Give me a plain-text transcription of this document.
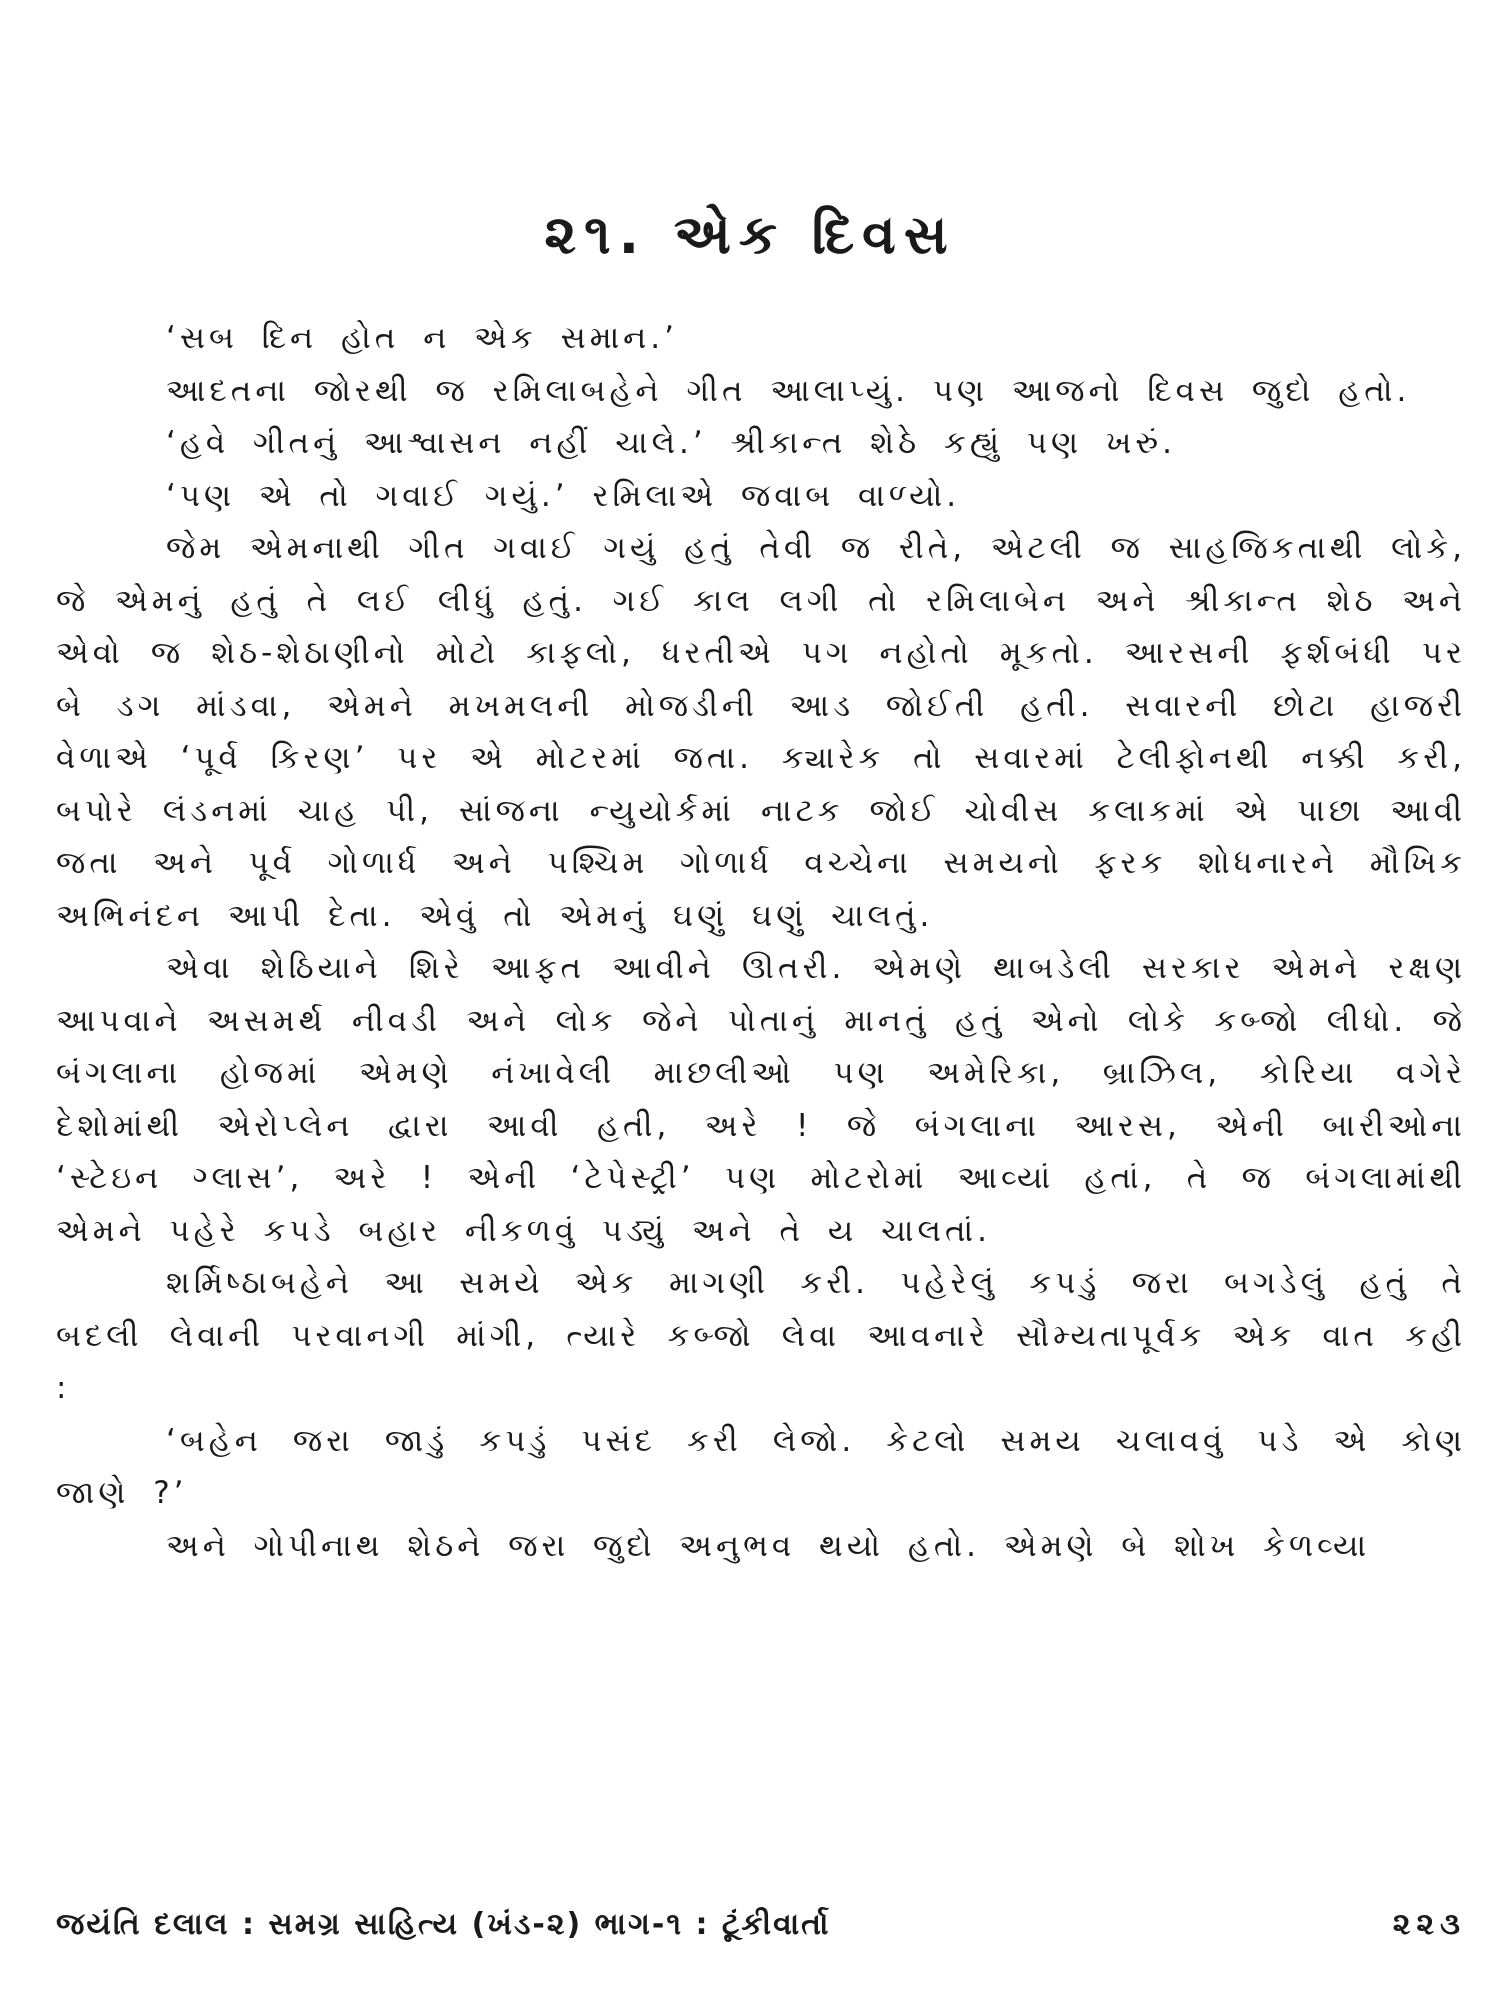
૨૧. એક દિવસ

‘સબ દિન હોત ન એક સમાન.’

આદતના જોરથી જ રમિલાબહેને ગીત આલાપ્યું. પણ આજનો દિવસ જુદો હતો.

‘હવે ગીતનું આશ્વાસન નહીં ચાલે.’ શ્રીકાન્ત શેઠે કહ્યું પણ ખરું.

‘પણ એ તો ગવાઈ ગયું.’ રમિલાએ જવાબ વાળ્યો.

જેમ એમનાથી ગીત ગવાઈ ગયું હતું તેવી જ રીતે, એટલી જ સાહજિકતાથી લોકે, જે એમનું હતું તે લઈ લીધું હતું. ગઈ કાલ લગી તો રમિલાબેન અને શ્રીકાન્ત શેઠ અને એવો જ શેઠ-શેઠાણીનો મોટો કાફલો, ધરતીએ પગ નહોતો મૂકતો. આરસની ફર્શબંધી પર બે ડગ માંડવા, એમને મખમલની મોજડીની આડ જોઈતી હતી. સવારની છોટા હાજરી વેળાએ ‘પૂર્વ કિરણ’ પર એ મોટરમાં જતા. ક્યારેક તો સવારમાં ટેલીફોનથી નક્કી કરી, બપોરે લંડનમાં ચાહ પી, સાંજના ન્યુયોર્કમાં નાટક જોઈ ચોવીસ કલાકમાં એ પાછા આવી જતા અને પૂર્વ ગોળાર્ધ અને પશ્ચિમ ગોળાર્ધ વચ્ચેના સમયનો ફરક શોધનારને મૌખિક અભિનંદન આપી દેતા. એવું તો એમનું ઘણું ઘણું ચાલતું.

એવા શેઠિયાને શિરે આફત આવીને ઊતરી. એમણે થાબડેલી સરકાર એમને રક્ષણ આપવાને અસમર્થ નીવડી અને લોક જેને પોતાનું માનતું હતું એનો લોકે કબ્જો લીધો. જે બંગલાના હોજમાં એમણે નંખાવેલી માછલીઓ પણ અમેરિકા, બ્રાઝિલ, કોરિયા વગેરે દેશોમાંથી એરોપ્લેન દ્વારા આવી હતી, અરે ! જે બંગલાના આરસ, એની બારીઓના ‘સ્ટેઇન ગ્લાસ’, અરે ! એની ‘ટેપેસ્ટ્રી’ પણ મોટરોમાં આવ્યાં હતાં, તે જ બંગલામાંથી એમને પહેરે કપડે બહાર નીકળવું પડ્યું અને તે ય ચાલતાં.

શર્મિષ્ઠાબહેને આ સમયે એક માગણી કરી. પહેરેલું કપડું જરા બગડેલું હતું તે બદલી લેવાની પરવાનગી માંગી, ત્યારે કબ્જો લેવા આવનારે સૌમ્યતાપૂર્વક એક વાત કહી :

‘બહેન જરા જાડું કપડું પસંદ કરી લેજો. કેટલો સમય ચલાવવું પડે એ કોણ જાણે ?’

અને ગોપીનાથ શેઠને જરા જુદો અનુભવ થયો હતો. એમણે બે શોખ કેળવ્યા

જયંતિ દલાલ : સમગ્ર સાહિત્ય (ખંડ-૨) ભાગ-૧ : ટૂંકીવાર્તા	૨૨૩
